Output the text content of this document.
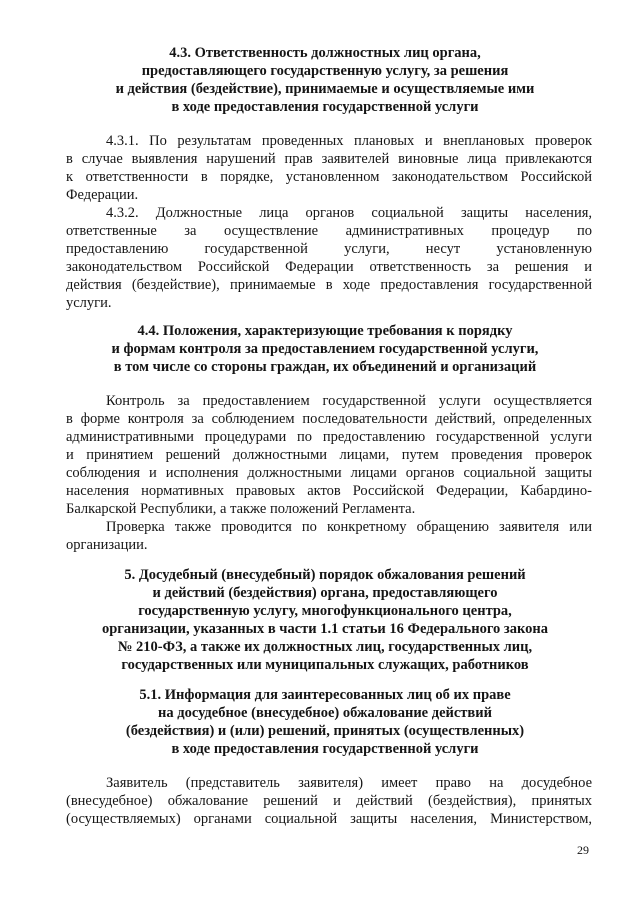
4.3. Ответственность должностных лиц органа,
предоставляющего государственную услугу, за решения
и действия (бездействие), принимаемые и осуществляемые ими
в ходе предоставления государственной услуги
4.3.1. По результатам проведенных плановых и внеплановых проверок
в случае выявления нарушений прав заявителей виновные лица привлекаются
к ответственности в порядке, установленном законодательством Российской
Федерации.
4.3.2. Должностные лица органов социальной защиты населения,
ответственные за осуществление административных процедур по
предоставлению государственной услуги, несут установленную
законодательством Российской Федерации ответственность за решения и
действия (бездействие), принимаемые в ходе предоставления государственной
услуги.
4.4. Положения, характеризующие требования к порядку
и формам контроля за предоставлением государственной услуги,
в том числе со стороны граждан, их объединений и организаций
Контроль за предоставлением государственной услуги осуществляется
в форме контроля за соблюдением последовательности действий, определенных
административными процедурами по предоставлению государственной услуги
и принятием решений должностными лицами, путем проведения проверок
соблюдения и исполнения должностными лицами органов социальной защиты
населения нормативных правовых актов Российской Федерации, Кабардино-
Балкарской Республики, а также положений Регламента.
Проверка также проводится по конкретному обращению заявителя или
организации.
5. Досудебный (внесудебный) порядок обжалования решений
и действий (бездействия) органа, предоставляющего
государственную услугу, многофункционального центра,
организации, указанных в части 1.1 статьи 16 Федерального закона
№ 210-ФЗ, а также их должностных лиц, государственных лиц,
государственных или муниципальных служащих, работников
5.1. Информация для заинтересованных лиц об их праве
на досудебное (внесудебное) обжалование действий
(бездействия) и (или) решений, принятых (осуществленных)
в ходе предоставления государственной услуги
Заявитель (представитель заявителя) имеет право на досудебное
(внесудебное) обжалование решений и действий (бездействия), принятых
(осуществляемых) органами социальной защиты населения, Министерством,
29
